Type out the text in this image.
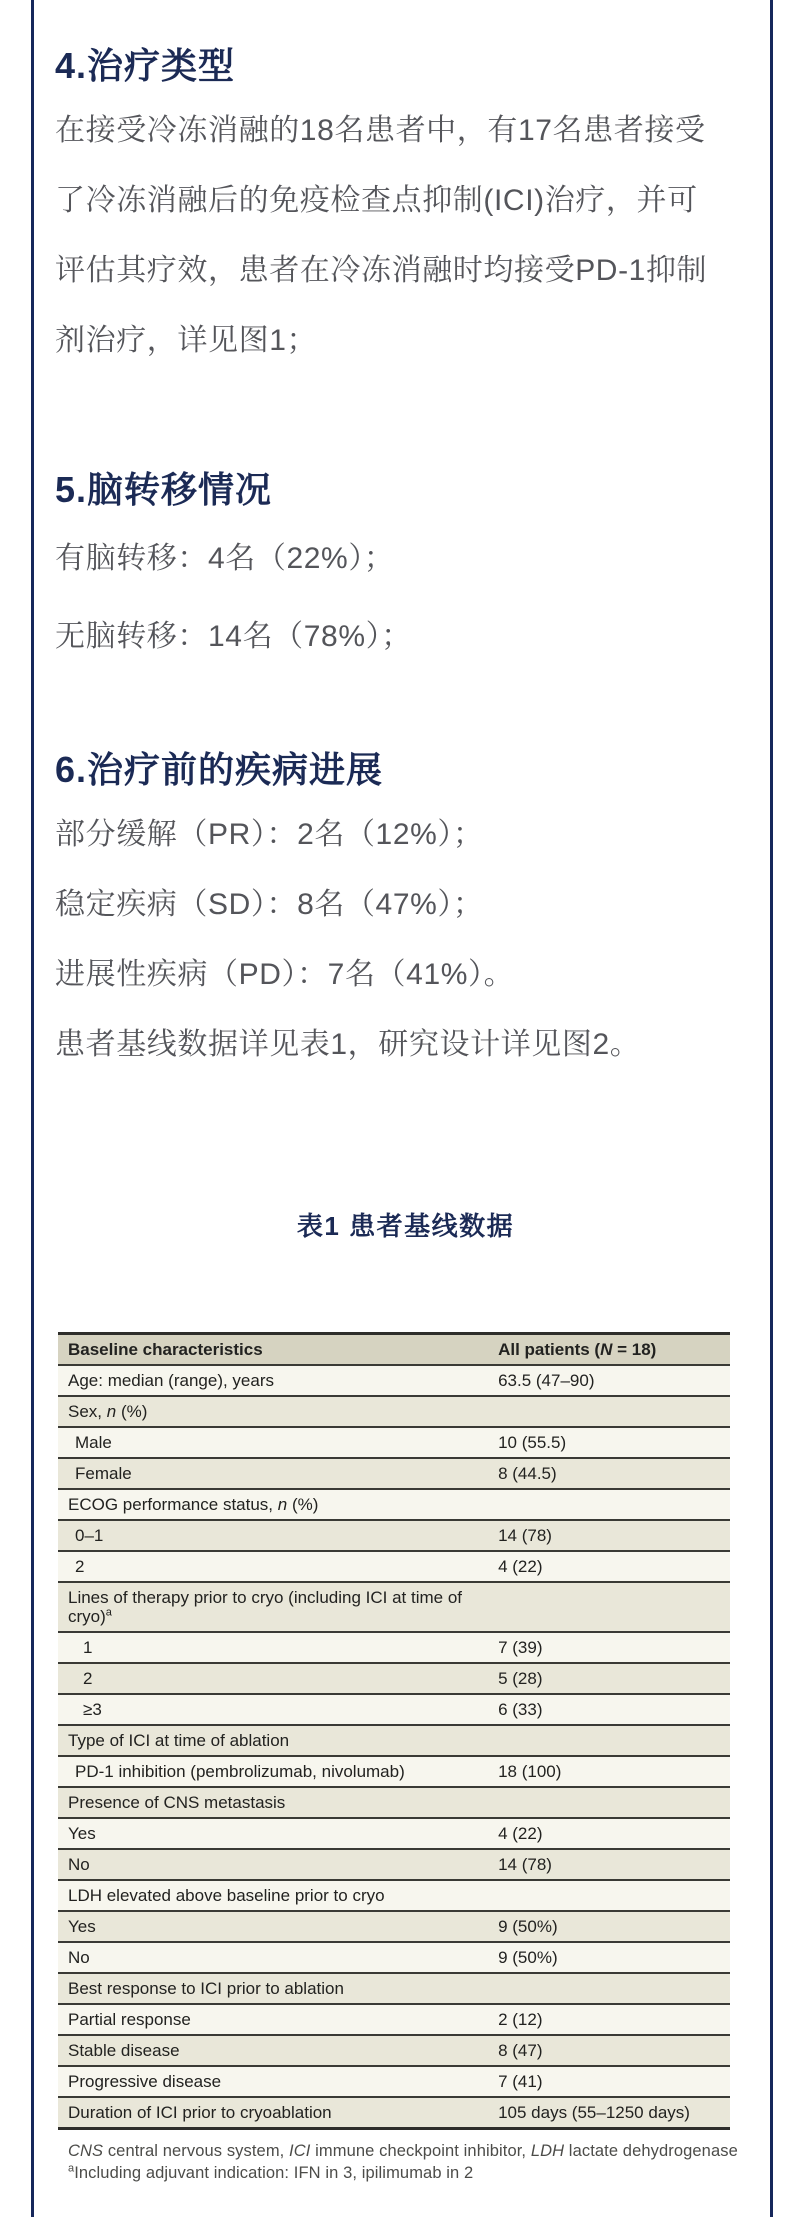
4.治疗类型
在接受冷冻消融的18名患者中，有17名患者接受
了冷冻消融后的免疫检查点抑制(ICI)治疗，并可
评估其疗效，患者在冷冻消融时均接受PD-1抑制
剂治疗，详见图1；
5.脑转移情况
有脑转移：4名（22%）；
无脑转移：14名（78%）；
6.治疗前的疾病进展
部分缓解（PR）：2名（12%）；
稳定疾病（SD）：8名（47%）；
进展性疾病（PD）：7名（41%）。
患者基线数据详见表1，研究设计详见图2。
表1 患者基线数据
Baseline characteristics	All patients (N = 18)
Age: median (range), years	63.5 (47–90)
Sex, n (%)	
Male	10 (55.5)
Female	8 (44.5)
ECOG performance status, n (%)	
0–1	14 (78)
2	4 (22)
Lines of therapy prior to cryo (including ICI at time of cryo)$^a$	
1	7 (39)
2	5 (28)
≥3	6 (33)
Type of ICI at time of ablation	
PD-1 inhibition (pembrolizumab, nivolumab)	18 (100)
Presence of CNS metastasis	
Yes	4 (22)
No	14 (78)
LDH elevated above baseline prior to cryo	
Yes	9 (50%)
No	9 (50%)
Best response to ICI prior to ablation	
Partial response	2 (12)
Stable disease	8 (47)
Progressive disease	7 (41)
Duration of ICI prior to cryoablation	105 days (55–1250 days)
CNS central nervous system, ICI immune checkpoint inhibitor, LDH lactate dehydrogenase
$^a$Including adjuvant indication: IFN in 3, ipilimumab in 2
